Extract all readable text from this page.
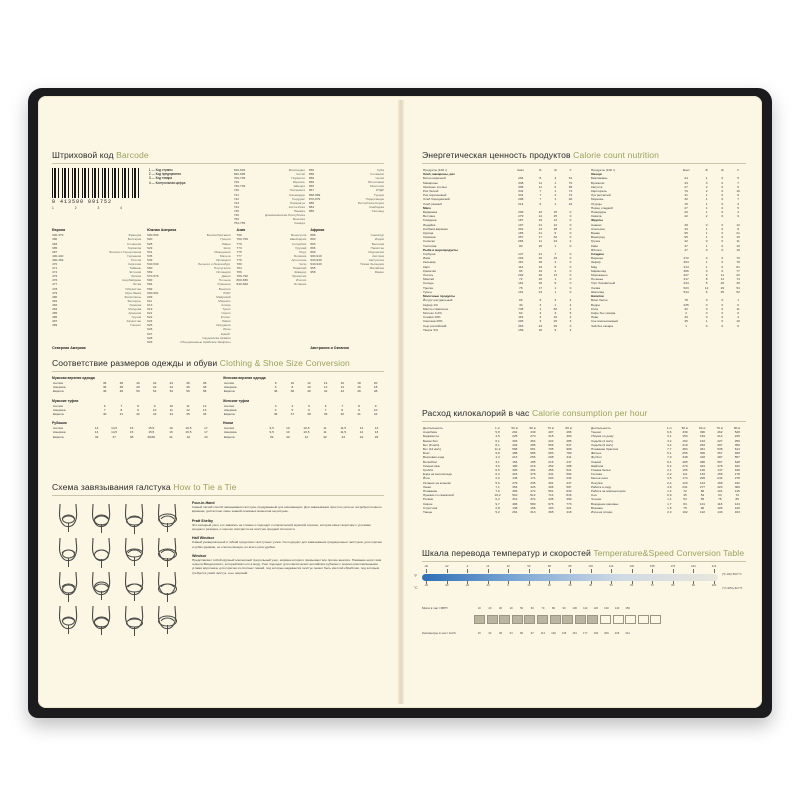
Штриховой код Barcode
8 413500 091752
1	2	3	4
1 — Код страны
2 — Код предприятия
3 — Код товара
4 — Контрольная цифра
640-649	Финляндия
690-695	Китай
700-709	Норвегия
729	Израиль
730-739	Швеция
740	Гватемала
741	Сальвадор
742	Гондурас
743	Никарагуа
744	Коста-Рика
745	Панама
746	Доминиканская Республика
750	Мексика
754-755	Канада
850	Куба
858	Словакия
859	Чехия
860	Югославия
865	Монголия
867	КНДР
868-869	Турция
870-879	Нидерланды
880	Республика Корея
884	Камбоджа
885	Таиланд
Европа
300-379	Франция
380	Болгария
383	Словения
385	Хорватия
387	Босния и Герцеговина
400-440	Германия
460-469	Россия
470	Киргизия
471	Тайвань
474	Эстония
475	Латвия
476	Азербайджан
477	Литва
478	Узбекистан
479	Шри-Ланка
480	Филиппины
481	Беларусь
482	Украина
484	Молдова
485	Армения
486	Грузия
487	Казахстан
489	Гонконг
Южная Америка
500-509	Великобритания
520	Греция
528	Ливан
529	Кипр
531	Македония
535	Мальта
539	Ирландия
540-549	Бельгия и Люксембург
560	Португалия
569	Исландия
570-579	Дания
590	Польша
594	Румыния
599	Венгрия
600-601	ЮАР
609	Маврикий
611	Марокко
613	Алжир
619	Тунис
621	Сирия
622	Египет
624	Ливия
625	Иордания
626	Иран
627	Кувейт
628	Саудовская Аравия
629	Объединённые Арабские Эмираты
Азия
759	Венесуэла
760-769	Швейцария
770	Колумбия
773	Уругвай
775	Перу
777	Боливия
779	Аргентина
780	Чили
784	Парагвай
786	Эквадор
789-790	Бразилия
800-839	Италия
840-849	Испания
Африка
888	Сингапур
890	Индия
893	Вьетнам
896	Пакистан
899	Индонезия
900-919	Австрия
930-939	Австралия
940-949	Новая Зеландия
955	Малайзия
958	Макао
Северная Америка	Австралия и Океания
Соответствие размеров одежды и обуви Clothing & Shoe Size Conversion
Мужская верхняя одежда
Англия	36	38	40	42	44	46	48
Америка	36	38	40	42	44	46	48
Европа	46	48	50	52	54	56	58
Мужские туфли
Англия	6	7	8	9	10	11	12
Америка	7	8	9	10	11	12	13
Европа	40	41	42	43	44	45	46
Рубашки
Англия	14	14,5	15	15,5	16	16,5	17
Америка	14	14,5	15	15,5	16	16,5	17
Европа	36	37	38	39/40	41	42	43
Женская верхняя одежда
Англия	8	10	12	14	16	18	20
Америка	6	8	10	12	14	16	18
Европа	36	38	40	42	44	46	48
Женские туфли
Англия	3	4	5	6	7	8	9
Америка	4	5	6	7	8	9	10
Европа	36	37	38	39	40	41	42
Носки
Англия	9,5	10	10,5	11	11,5	12	13
Америка	9,5	10	10,5	11	11,5	12	13
Европа	39	40	41	42	43	44	45
Схема завязывания галстука How to Tie a Tie
Four-in-Hand
Самый лёгкий способ завязывания галстука, придуманный для начинающих. Для завязывания простого узла не потребуется много времени, достаточно лишь знаний основных моментов на рисунке.
Pratt Shelby
Это изящный узел, его завязать не сложно и подходит к классической мужской сорочке, которая имеет воротник с уголками среднего размера, и хорошо смотрится на галстуке средней плотности.
Half Windsor
Самый универсальный и гибкий среди всех галстучных узлов. Он подходит для завязывания традиционных галстуков, для сорочки и рубах-рукавов, но слегка смещён, но всего узла удобна.
Windsor
Представляет собой крупный элегантный треугольный узел, ширина которого превышает все прочие аналоги. Название носит имя герцога Виндзорского, который ввёл его в моду. Узел подходит для классических английских рубашек с широко расставленными углами воротника, для сорочек из плотных тканей, под которые надевается галстук, может быть светлой обработки, под которым требуется узкий галстук, а не широкий.
Энергетическая ценность продуктов Calorie count nutrition
Продукты (100 г)	Ккал	Б	Ж	У
Хлеб, макароны, рис				
Батон нарезной	264	8	3	51
Макароны	338	11	1	70
Овсяные хлопья	305	11	6	65
Рис белый	344	7	1	74
Рис коричневый	331	7	2	72
Хлеб бородинский	208	7	1	40
Хлеб ржаной	214	6	1	42
Мясо				
Баранина	209	16	15	0
Ветчина	279	14	25	0
Говядина	187	19	12	0
Индейка	197	21	12	0
Колбаса варёная	301	13	28	0
Курица	165	21	9	0
Свинина	357	17	32	0
Сосиски	266	11	24	2
Телятина	90	20	1	0
Рыба и морепродукты				
Горбуша	147	21	7	0
Икра	203	32	15	0
Кальмар	110	18	4	0
Карп	112	16	5	0
Креветки	95	19	2	0
Лосось	202	20	13	0
Минтай	72	16	1	0
Сельдь	161	18	9	0
Треска	78	17	1	0
Тунец	101	23	1	0
Молочные продукты				
Йогурт натуральный	66	5	3	4
Кефир 1%	40	3	1	4
Масло сливочное	748	1	82	1
Молоко 3,2%	60	3	3	5
Сливки 10%	119	3	10	4
Сметана 20%	206	3	20	3
Сыр российский	363	23	29	0
Творог 9%	159	16	9	2
Продукты (100 г)	Ккал	Б	Ж	У
Овощи				
Баклажаны	24	1	0	5
Брокколи	34	3	0	7
Капуста	27	2	0	5
Картофель	76	2	0	16
Лук репчатый	41	1	0	9
Морковь	32	1	0	7
Огурцы	15	1	0	3
Перец сладкий	27	1	0	5
Помидоры	20	1	0	4
Свёкла	42	2	0	9
Фрукты				
Ананас	49	0	0	12
Апельсин	43	1	0	8
Банан	95	1	0	21
Виноград	65	1	0	15
Груша	42	0	0	11
Киви	47	1	0	10
Яблоко	47	0	0	10
Сладкое				
Варенье	272	0	0	70
Зефир	304	1	0	78
Мёд	314	1	0	81
Мармелад	306	0	0	77
Мороженое	227	4	11	22
Печенье	417	8	11	74
Торт бисквитный	344	5	20	39
Халва	523	12	29	54
Шоколад	544	6	35	52
Напитки				
Вино белое	78	0	0	1
Водка	235	0	0	0
Кола	42	0	0	11
Кофе без сахара	2	0	0	0
Пиво	43	0	0	4
Сок апельсиновый	45	1	0	10
Чай без сахара	1	0	0	0
Расход килокалорий в час Calorie consumption per hour
Деятельность	1 кг	50 кг	60 кг	70 кг	80 кг
Аэробика	5,8	291	349	407	466
Бадминтон	4,5	225	270	315	360
Баскетбол	6,1	303	364	424	485
Бег (8 км/ч)	8,1	404	485	566	647
Бег (12 км/ч)	11,4	568	681	795	908
Бокс	9,8	488	585	683	780
Верховая езда	4,3	213	256	298	341
Волейбол	3,1	154	185	216	247
Гимнастика	3,6	180	216	252	288
Гребля	6,5	326	391	456	521
Езда на велосипеде	6,3	315	378	441	504
Йога	2,9	145	174	203	232
Катание на коньках	5,6	279	335	391	447
Лыжи	7,1	354	425	496	567
Плавание	7,9	393	472	551	630
Прыжки со скакалкой	10,2	510	612	714	816
Ролики	6,2	312	374	436	499
Сквош	9,7	483	580	676	773
Стретчинг	2,8	138	166	193	221
Танцы	5,2	261	313	365	418
Деятельность	1 кг	50 кг	60 кг	70 кг	80 кг
Теннис	6,6	330	396	462	528
Уборка по дому	3,1	153	184	214	245
Ходьба (4 км/ч)	3,2	162	194	227	259
Ходьба (6 км/ч)	4,4	219	263	307	350
Плавание брассом	7,7	384	461	538	614
Фитнес	5,1	255	306	357	408
Футбол	7,0	348	418	487	557
Хоккей	8,1	405	486	567	648
Шейпинг	5,4	270	324	378	432
Глажка белья	2,1	105	126	147	168
Готовка	2,2	111	133	155	178
Мытьё окон	3,5	174	209	244	278
Покупки	2,4	120	144	168	192
Работа в саду	4,6	231	277	323	369
Работа за компьютером	1,4	72	86	101	115
Сон	0,9	45	54	63	72
Чтение	1,1	54	65	76	86
Вождение машины	1,7	84	101	118	134
Вязание	1,5	75	90	105	120
Игра на гитаре	2,0	102	122	143	163
Шкала перевода температур и скоростей Temperature&Speed Conversion Table
°F
°C
-40	-22	-4	14	32	50	68	86	104	122	140	158	176	194	212
-40	-30	-20	-10	0	10	20	30	40	50	60	70	80	90	100
(°F-32)×5/9=°C
(°C×9/5)+32=°F
Мили в час / MPH	10	20	30	40	50	60	70	80	90	100	110	120	130	140	150
Километры в час / km/h	16	32	48	64	80	97	113	129	145	161	177	193	209	225	241
